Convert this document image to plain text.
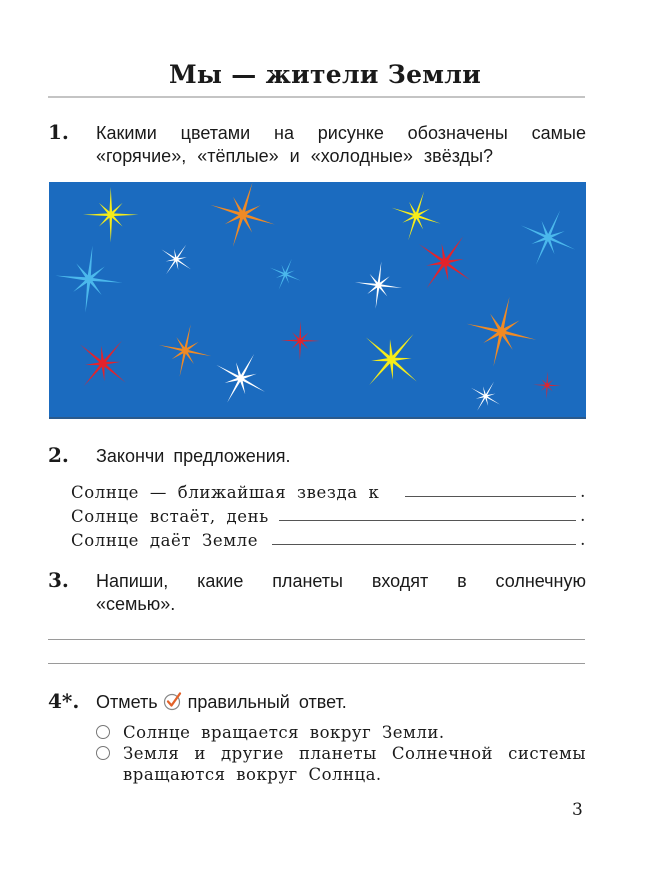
Мы — жители Земли
1. Какими цветами на рисунке обозначены самые
«горячие», «тёплые» и «холодные» звёзды?
2. Закончи предложения.
Солнце — ближайшая звезда к	.
Солнце встаёт, день	.
Солнце даёт Земле	.
3. Напиши, какие планеты входят в солнечную
«семью».
4*. Отметь правильный ответ.
Солнце вращается вокруг Земли.
Земля и другие планеты Солнечной системы
вращаются вокруг Солнца.
3
